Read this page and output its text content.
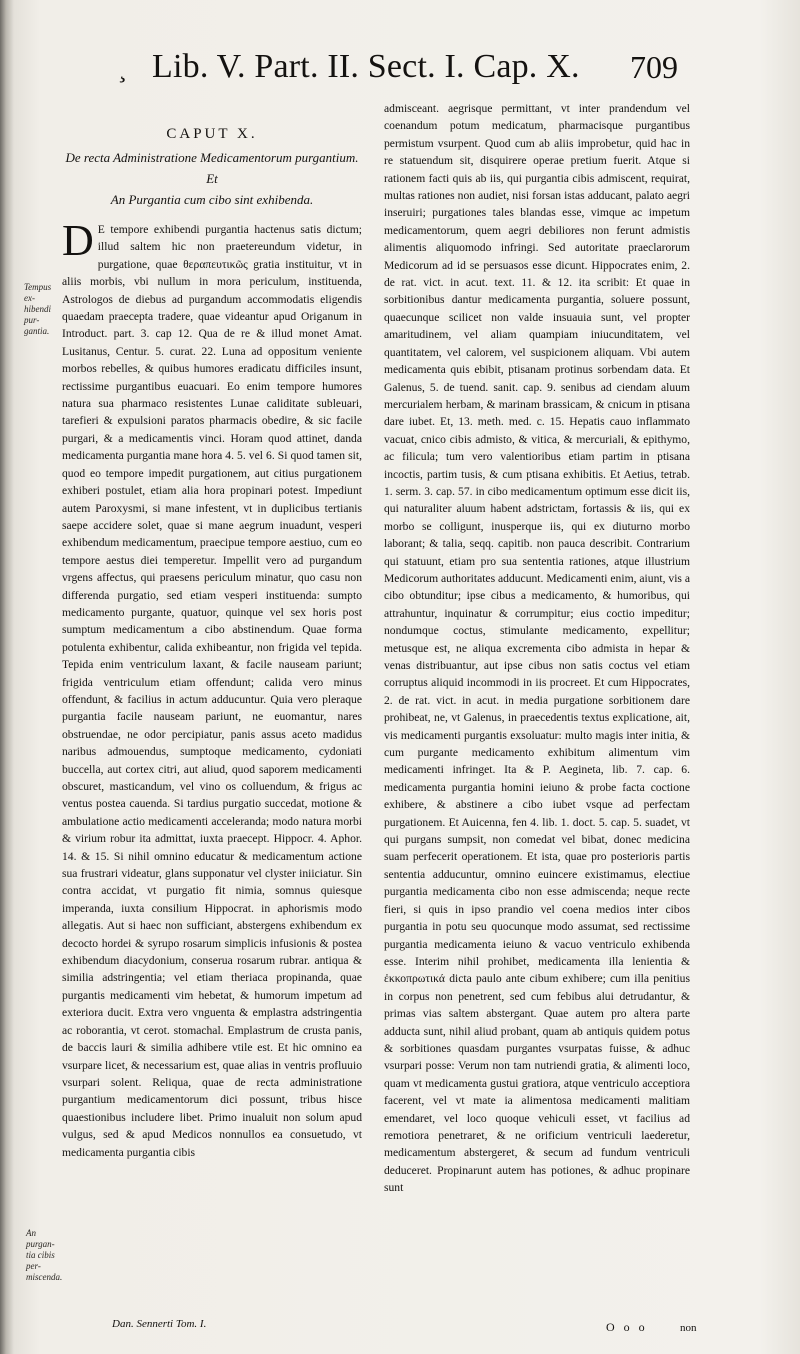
¸ Lib. V. Part. II. Sect. I. Cap. X. 709
Tempus ex-
hibendi pur-
gantia.
An purgan-
tia cibis per-
miscenda.
CAPUT X.
De recta Administratione Medicamentorum purgantium.
Et
An Purgantia cum cibo sint exhibenda.

D E tempore exhibendi purgantia hactenus satis dictum; illud saltem hic non praetereundum videtur, in purgatione, quae θεραπευτικῶς gratia instituitur, vt in aliis morbis, vbi nullum in mora periculum, instituenda, Astrologos de diebus ad purgandum accommodatis eligendis quaedam praecepta tradere, quae videantur apud Origanum in Introduct. part. 3. cap 12. Qua de re & illud monet Amat. Lusitanus, Centur. 5. curat. 22. Luna ad oppositum veniente morbos rebelles, & quibus humores eradicatu difficiles insunt, rectissime purgantibus euacuari. Eo enim tempore humores natura sua pharmaco resistentes Lunae caliditate subleuari, tarefieri & expulsioni paratos pharmacis obedire, & sic facile purgari, & a medicamentis vinci. Horam quod attinet, danda medicamenta purgantia mane hora 4. 5. vel 6. Si quod tamen sit, quod eo tempore impedit purgationem, aut citius purgationem exhiberi postulet, etiam alia hora propinari potest. Impediunt autem Paroxysmi, si mane infestent, vt in duplicibus tertianis saepe accidere solet, quae si mane aegrum inuadunt, vesperi exhibendum medicamentum, praecipue tempore aestiuo, cum eo tempore aestus diei temperetur. Impellit vero ad purgandum vrgens affectus, qui praesens periculum minatur, quo casu non differenda purgatio, sed etiam vesperi instituenda: sumpto medicamento purgante, quatuor, quinque vel sex horis post sumptum medicamentum a cibo abstinendum. Quae forma potulenta exhibentur, calida exhibeantur, non frigida vel tepida. Tepida enim ventriculum laxant, & facile nauseam pariunt; frigida ventriculum etiam offendunt; calida vero minus offendunt, & facilius in actum adducuntur. Quia vero pleraque purgantia facile nauseam pariunt, ne euomantur, nares obstruendae, ne odor percipiatur, panis assus aceto madidus naribus admouendus, sumptoque medicamento, cydoniati buccella, aut cortex citri, aut aliud, quod saporem medicamenti obscuret, masticandum, vel vino os colluendum, & frigus ac ventus postea cauenda. Si tardius purgatio succedat, motione & ambulatione actio medicamenti acceleranda; modo natura morbi & virium robur ita admittat, iuxta praecept. Hippocr. 4. Aphor. 14. & 15. Si nihil omnino educatur & medicamentum actione sua frustrari videatur, glans supponatur vel clyster iniiciatur. Sin contra accidat, vt purgatio fit nimia, somnus quiesque imperanda, iuxta consilium Hippocrat. in aphorismis modo allegatis. Aut si haec non sufficiant, abstergens exhibendum ex decocto hordei & syrupo rosarum simplicis infusionis & postea exhibendum diacydonium, conserua rosarum rubrar. antiqua & similia adstringentia; vel etiam theriaca propinanda, quae purgantis medicamenti vim hebetat, & humorum impetum ad exteriora ducit. Extra vero vnguenta & emplastra adstringentia ac roborantia, vt cerot. stomachal. Emplastrum de crusta panis, de baccis lauri & similia adhibere vtile est. Et hic omnino ea vsurpare licet, & necessarium est, quae alias in ventris profluuio vsurpari solent. Reliqua, quae de recta administratione purgantium medicamentorum dici possunt, tribus hisce quaestionibus includere libet. Primo inualuit non solum apud vulgus, sed & apud Medicos nonnullos ea consuetudo, vt medicamenta purgantia cibis

admisceant. aegrisque permittant, vt inter prandendum vel coenandum potum medicatum, pharmacisque purgantibus permistum vsurpent. Quod cum ab aliis improbetur, quid hac in re statuendum sit, disquirere operae pretium fuerit. Atque si rationem facti quis ab iis, qui purgantia cibis admiscent, requirat, multas rationes non audiet, nisi forsan istas adducant, palato aegri inseruiri; purgationes tales blandas esse, vimque ac impetum medicamentorum, quem aegri debiliores non ferunt admistis alimentis aliquomodo infringi. Sed autoritate praeclarorum Medicorum ad id se persuasos esse dicunt. Hippocrates enim, 2. de rat. vict. in acut. text. 11. & 12. ita scribit: Et quae in sorbitionibus dantur medicamenta purgantia, soluere possunt, quaecunque scilicet non valde insuauia sunt, vel propter amaritudinem, vel aliam quampiam iniucunditatem, vel quantitatem, vel calorem, vel suspicionem aliquam. Vbi autem medicamenta quis ebibit, ptisanam protinus sorbendam data. Et Galenus, 5. de tuend. sanit. cap. 9. senibus ad ciendam aluum mercurialem herbam, & marinam brassicam, & cnicum in ptisana dare iubet. Et, 13. meth. med. c. 15. Hepatis cauo inflammato vacuat, cnico cibis admisto, & vitica, & mercuriali, & epithymo, ac filicula; tum vero valentioribus etiam partim in ptisana incoctis, partim tusis, & cum ptisana exhibitis. Et Aetius, tetrab. 1. serm. 3. cap. 57. in cibo medicamentum optimum esse dicit iis, qui naturaliter aluum habent adstrictam, fortassis & iis, qui ex morbo se colligunt, inusperque iis, qui ex diuturno morbo laborant; & talia, seqq. capitib. non pauca describit. Contrarium qui statuunt, etiam pro sua sententia rationes, atque illustrium Medicorum authoritates adducunt. Medicamenti enim, aiunt, vis a cibo obtunditur; ipse cibus a medicamento, & humoribus, qui attrahuntur, inquinatur & corrumpitur; eius coctio impeditur; nondumque coctus, stimulante medicamento, expellitur; metusque est, ne aliqua excrementa cibo admista in hepar & venas distribuantur, aut ipse cibus non satis coctus vel etiam corruptus aliquid incommodi in iis procreet. Et cum Hippocrates, 2. de rat. vict. in acut. in media purgatione sorbitionem dare prohibeat, ne, vt Galenus, in praecedentis textus explicatione, ait, vis medicamenti purgantis exsoluatur: multo magis inter initia, & cum purgante medicamento exhibitum alimentum vim medicamenti infringet. Ita & P. Aegineta, lib. 7. cap. 6. medicamenta purgantia homini ieiuno & probe facta coctione exhibere, & abstinere a cibo iubet vsque ad perfectam purgationem. Et Auicenna, fen 4. lib. 1. doct. 5. cap. 5. suadet, vt qui purgans sumpsit, non comedat vel bibat, donec medicina suam perfecerit operationem. Et ista, quae pro posterioris partis sententia adducuntur, omnino euincere existimamus, electiue purgantia medicamenta cibo non esse admiscenda; neque recte fieri, si quis in ipso prandio vel coena medios inter cibos purgantia in potu seu quocunque modo assumat, sed rectissime purgantia medicamenta ieiuno & vacuo ventriculo exhibenda esse. Interim nihil prohibet, medicamenta illa lenientia & ἐκκοπρωτικά dicta paulo ante cibum exhibere; cum illa penitius in corpus non penetrent, sed cum febibus alui detrudantur, & primas vias saltem abstergant. Quae autem pro altera parte adducta sunt, nihil aliud probant, quam ab antiquis quidem potus & sorbitiones quasdam purgantes vsurpatas fuisse, & adhuc vsurpari posse: Verum non tam nutriendi gratia, & alimenti loco, quam vt medicamenta gustui gratiora, atque ventriculo acceptiora facerent, vel vt mate ia alimentosa medicamenti malitiam emendaret, vel loco quoque vehiculi esset, vt facilius ad remotiora penetraret, & ne orificium ventriculi laederetur, medicamentum abstergeret, & secum ad fundum ventriculi deduceret. Propinarunt autem has potiones, & adhuc propinare sunt

Dan. Sennerti Tom. I.	O o o	non
